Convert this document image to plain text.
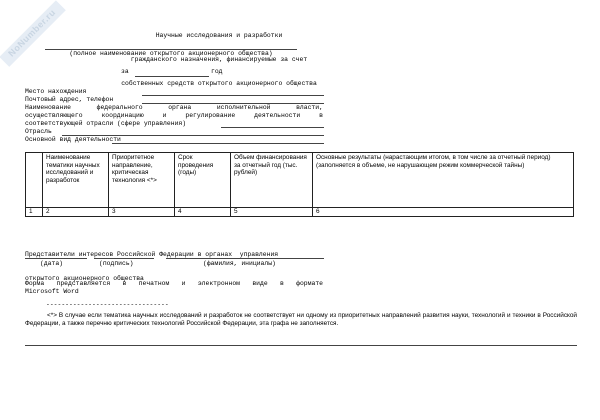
NoNumber.ru

	Научные исследования и разработки

гражданского назначения, финансируемые за счет

собственных средств открытого акционерного общества

(полное наименование открытого акционерного общества)
за	год
Место нахождения
Почтовый адрес, телефон
Наименование	федерального	органа	исполнительной	власти,
осуществляющего	координацию	и	регулирование	деятельности	в
соответствующей отрасли (сфере управления)
Отрасль
Основной вид деятельности
	Наименование тематики научных исследований и разработок	Приоритетное направление, критическая технология <*>	Срок проведения (годы)	Объем финансирования за отчетный год (тыс. рублей)	Основные результаты (нарастающим итогом, в том числе за отчетный период) (заполняется в объеме, не нарушающем режим коммерческой тайны)
1	2	3	4	5	6

Представители интересов Российской Федерации в органах  управления

открытого акционерного общества

(дата)	(подпись)	(фамилия, инициалы)
Форма представляется в печатном и электронном виде в формате
Microsoft Word
--------------------------------
<*> В случае если тематика научных исследований и разработок не соответствует ни одному из приоритетных направлений развития науки, технологий и техники в Российской Федерации, а также перечню критических технологий Российской Федерации, эта графа не заполняется.
